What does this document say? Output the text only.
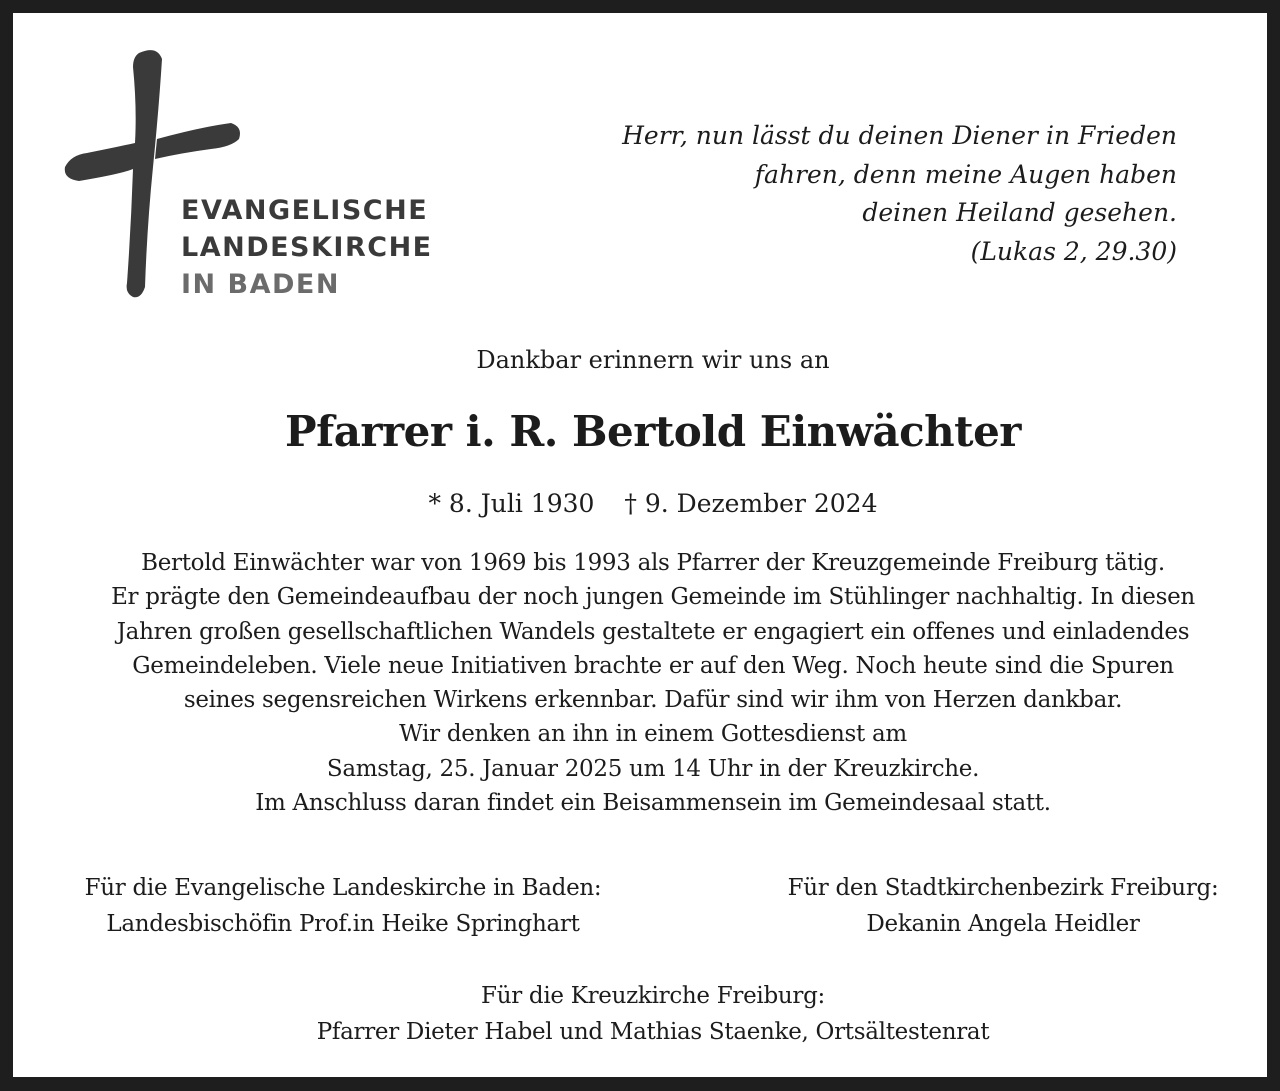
EVANGELISCHE
LANDESKIRCHE
IN BADEN
Herr, nun lässt du deinen Diener in Frieden
fahren, denn meine Augen haben
deinen Heiland gesehen.
(Lukas 2, 29.30)
Dankbar erinnern wir uns an
Pfarrer i. R. Bertold Einwächter
* 8. Juli 1930 † 9. Dezember 2024
Bertold Einwächter war von 1969 bis 1993 als Pfarrer der Kreuzgemeinde Freiburg tätig.
Er prägte den Gemeindeaufbau der noch jungen Gemeinde im Stühlinger nachhaltig. In diesen
Jahren großen gesellschaftlichen Wandels gestaltete er engagiert ein offenes und einladendes
Gemeindeleben. Viele neue Initiativen brachte er auf den Weg. Noch heute sind die Spuren
seines segensreichen Wirkens erkennbar. Dafür sind wir ihm von Herzen dankbar.
Wir denken an ihn in einem Gottesdienst am
Samstag, 25. Januar 2025 um 14 Uhr in der Kreuzkirche.
Im Anschluss daran findet ein Beisammensein im Gemeindesaal statt.
Für die Evangelische Landeskirche in Baden:
Landesbischöfin Prof.in Heike Springhart
Für den Stadtkirchenbezirk Freiburg:
Dekanin Angela Heidler
Für die Kreuzkirche Freiburg:
Pfarrer Dieter Habel und Mathias Staenke, Ortsältestenrat
